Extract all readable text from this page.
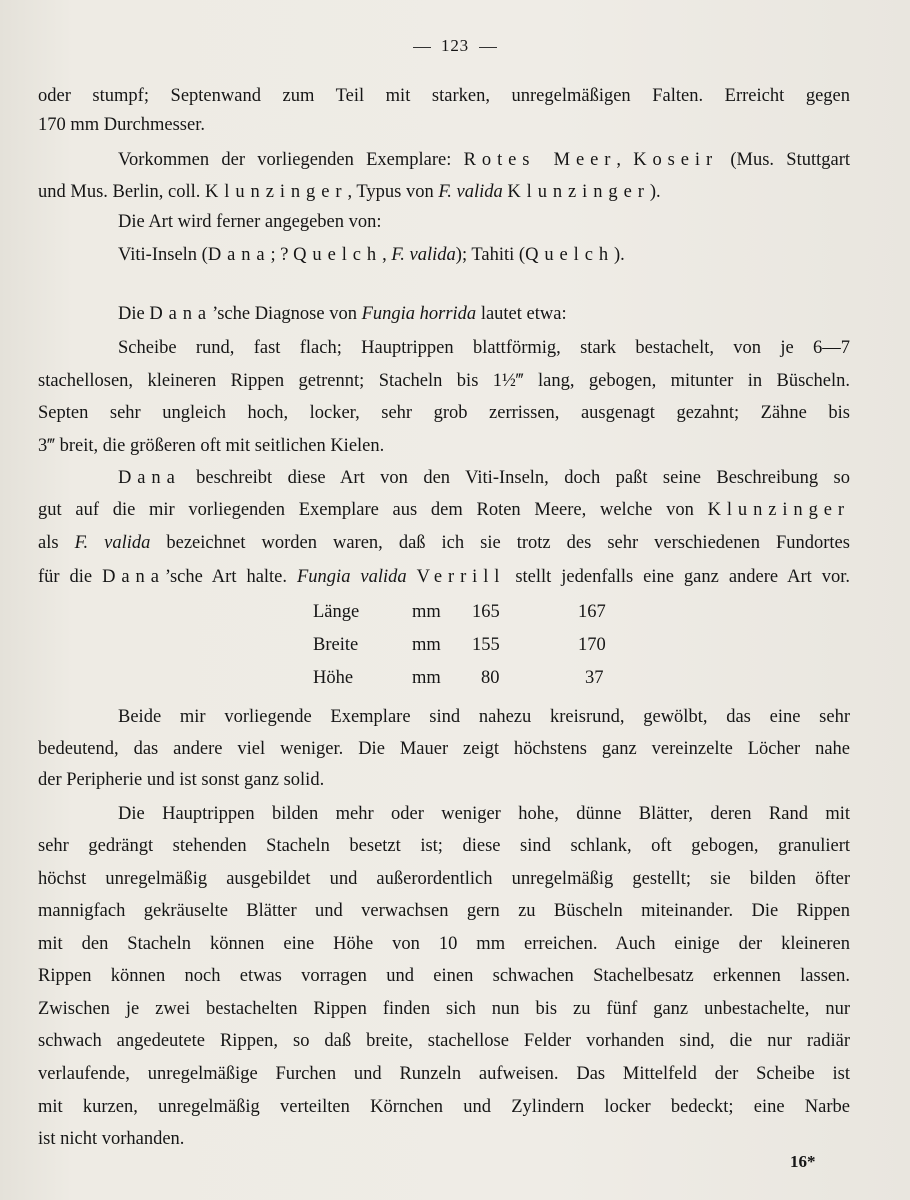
123
oder stumpf; Septenwand zum Teil mit starken, unregelmäßigen Falten. Erreicht gegen
170 mm Durchmesser.
Vorkommen der vorliegenden Exemplare: Rotes Meer, Koseir (Mus. Stuttgart
und Mus. Berlin, coll. Klunzinger, Typus von F. valida Klunzinger).
Die Art wird ferner angegeben von:
Viti-Inseln (Dana; ? Quelch, F. valida); Tahiti (Quelch).
Die Dana’sche Diagnose von Fungia horrida lautet etwa:
Scheibe rund, fast flach; Hauptrippen blattförmig, stark bestachelt, von je 6—7
stachellosen, kleineren Rippen getrennt; Stacheln bis 1½‴ lang, gebogen, mitunter in Büscheln.
Septen sehr ungleich hoch, locker, sehr grob zerrissen, ausgenagt gezahnt; Zähne bis
3‴ breit, die größeren oft mit seitlichen Kielen.
Dana beschreibt diese Art von den Viti-Inseln, doch paßt seine Beschreibung so
gut auf die mir vorliegenden Exemplare aus dem Roten Meere, welche von Klunzinger
als F. valida bezeichnet worden waren, daß ich sie trotz des sehr verschiedenen Fundortes
für die Dana’sche Art halte. Fungia valida Verrill stellt jedenfalls eine ganz andere Art vor.
Länge	mm 165	167
Breite	mm 155	170
Höhe	mm 80	37
Beide mir vorliegende Exemplare sind nahezu kreisrund, gewölbt, das eine sehr
bedeutend, das andere viel weniger. Die Mauer zeigt höchstens ganz vereinzelte Löcher nahe
der Peripherie und ist sonst ganz solid.
Die Hauptrippen bilden mehr oder weniger hohe, dünne Blätter, deren Rand mit
sehr gedrängt stehenden Stacheln besetzt ist; diese sind schlank, oft gebogen, granuliert
höchst unregelmäßig ausgebildet und außerordentlich unregelmäßig gestellt; sie bilden öfter
mannigfach gekräuselte Blätter und verwachsen gern zu Büscheln miteinander. Die Rippen
mit den Stacheln können eine Höhe von 10 mm erreichen. Auch einige der kleineren
Rippen können noch etwas vorragen und einen schwachen Stachelbesatz erkennen lassen.
Zwischen je zwei bestachelten Rippen finden sich nun bis zu fünf ganz unbestachelte, nur
schwach angedeutete Rippen, so daß breite, stachellose Felder vorhanden sind, die nur radiär
verlaufende, unregelmäßige Furchen und Runzeln aufweisen. Das Mittelfeld der Scheibe ist
mit kurzen, unregelmäßig verteilten Körnchen und Zylindern locker bedeckt; eine Narbe
ist nicht vorhanden.
16*
